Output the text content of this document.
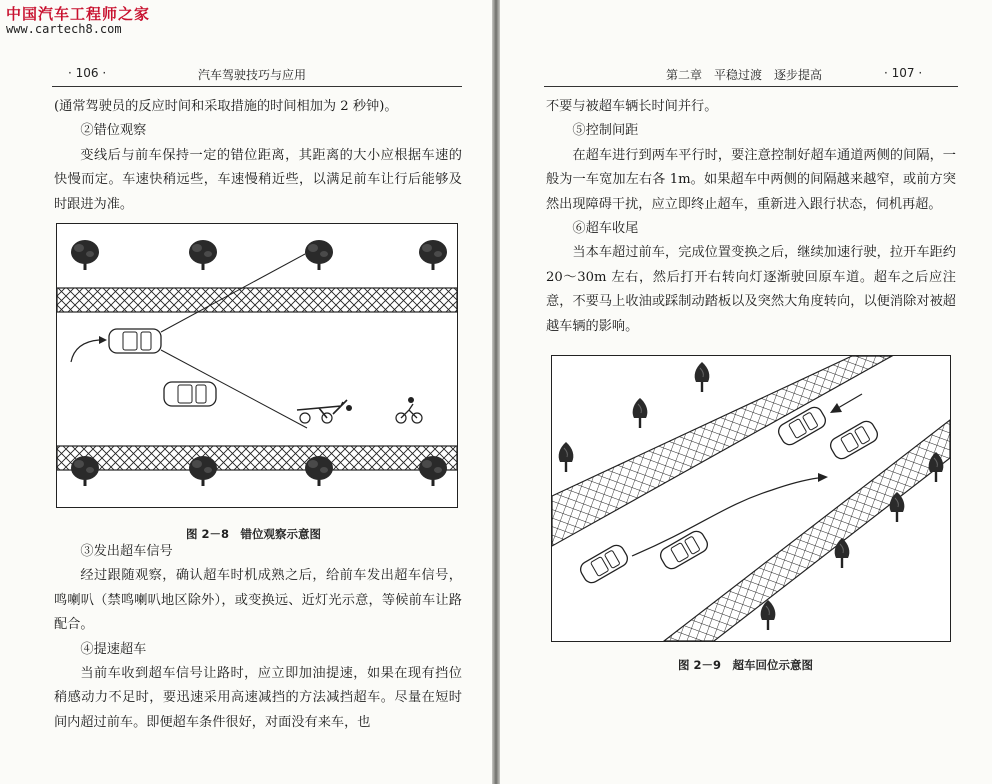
中国汽车工程师之家
www.cartech8.com
· 106 ·	汽车驾驶技巧与应用

(通常驾驶员的反应时间和采取措施的时间相加为 2 秒钟)。

②错位观察

变线后与前车保持一定的错位距离，其距离的大小应根据车速的快慢而定。车速快稍远些，车速慢稍近些，以满足前车让行后能够及时跟进为准。

图 2－8　错位观察示意图

③发出超车信号

经过跟随观察，确认超车时机成熟之后，给前车发出超车信号，鸣喇叭（禁鸣喇叭地区除外），或变换远、近灯光示意，等候前车让路配合。

④提速超车

当前车收到超车信号让路时，应立即加油提速，如果在现有挡位稍感动力不足时，要迅速采用高速减挡的方法减挡超车。尽量在短时间内超过前车。即便超车条件很好，对面没有来车，也

第二章　平稳过渡　逐步提高	· 107 ·

不要与被超车辆长时间并行。

⑤控制间距

在超车进行到两车平行时，要注意控制好超车通道两侧的间隔，一般为一车宽加左右各 1m。如果超车中两侧的间隔越来越窄，或前方突然出现障碍干扰，应立即终止超车，重新进入跟行状态，伺机再超。

⑥超车收尾

当本车超过前车，完成位置变换之后，继续加速行驶，拉开车距约 20～30m 左右，然后打开右转向灯逐渐驶回原车道。超车之后应注意，不要马上收油或踩制动踏板以及突然大角度转向，以便消除对被超越车辆的影响。

图 2－9　超车回位示意图
